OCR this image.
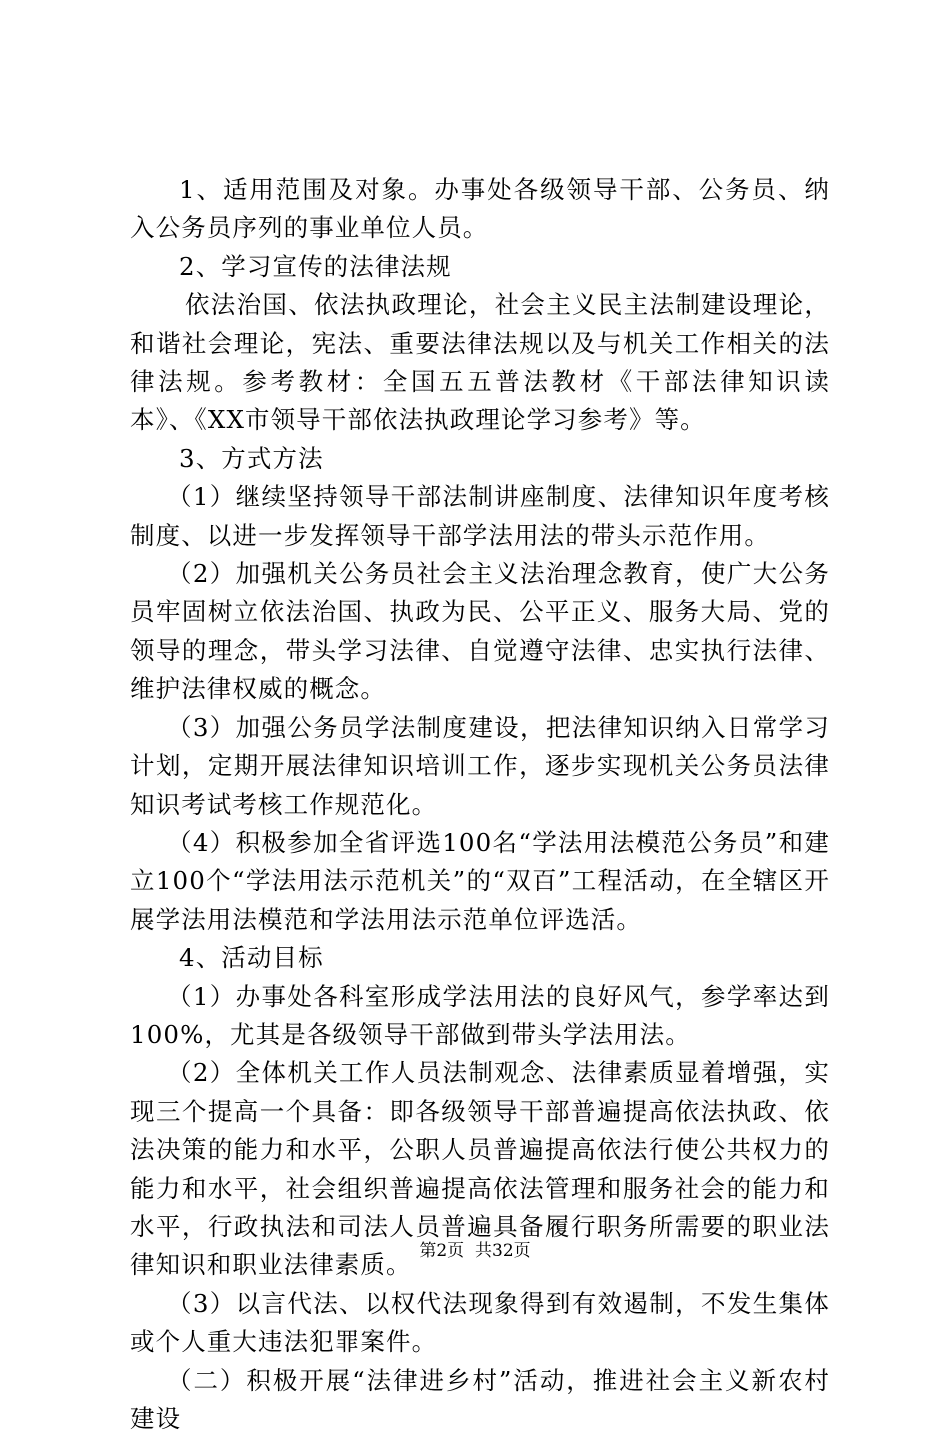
1、适用范围及对象。办事处各级领导干部、公务员、纳入公务员序列的事业单位人员。

2、学习宣传的法律法规

依法治国、依法执政理论，社会主义民主法制建设理论，和谐社会理论，宪法、重要法律法规以及与机关工作相关的法律法规。参考教材：全国五五普法教材《干部法律知识读本》、《XX市领导干部依法执政理论学习参考》等。

3、方式方法

（1）继续坚持领导干部法制讲座制度、法律知识年度考核制度、以进一步发挥领导干部学法用法的带头示范作用。

（2）加强机关公务员社会主义法治理念教育，使广大公务员牢固树立依法治国、执政为民、公平正义、服务大局、党的领导的理念，带头学习法律、自觉遵守法律、忠实执行法律、维护法律权威的概念。

（3）加强公务员学法制度建设，把法律知识纳入日常学习计划，定期开展法律知识培训工作，逐步实现机关公务员法律知识考试考核工作规范化。

（4）积极参加全省评选100名“学法用法模范公务员”和建立100个“学法用法示范机关”的“双百”工程活动，在全辖区开展学法用法模范和学法用法示范单位评选活。

4、活动目标

（1）办事处各科室形成学法用法的良好风气，参学率达到100%，尤其是各级领导干部做到带头学法用法。

（2）全体机关工作人员法制观念、法律素质显着增强，实现三个提高一个具备：即各级领导干部普遍提高依法执政、依法决策的能力和水平，公职人员普遍提高依法行使公共权力的能力和水平，社会组织普遍提高依法管理和服务社会的能力和水平，行政执法和司法人员普遍具备履行职务所需要的职业法律知识和职业法律素质。

（3）以言代法、以权代法现象得到有效遏制，不发生集体或个人重大违法犯罪案件。

（二）积极开展“法律进乡村”活动，推进社会主义新农村建设

第2页 共32页
